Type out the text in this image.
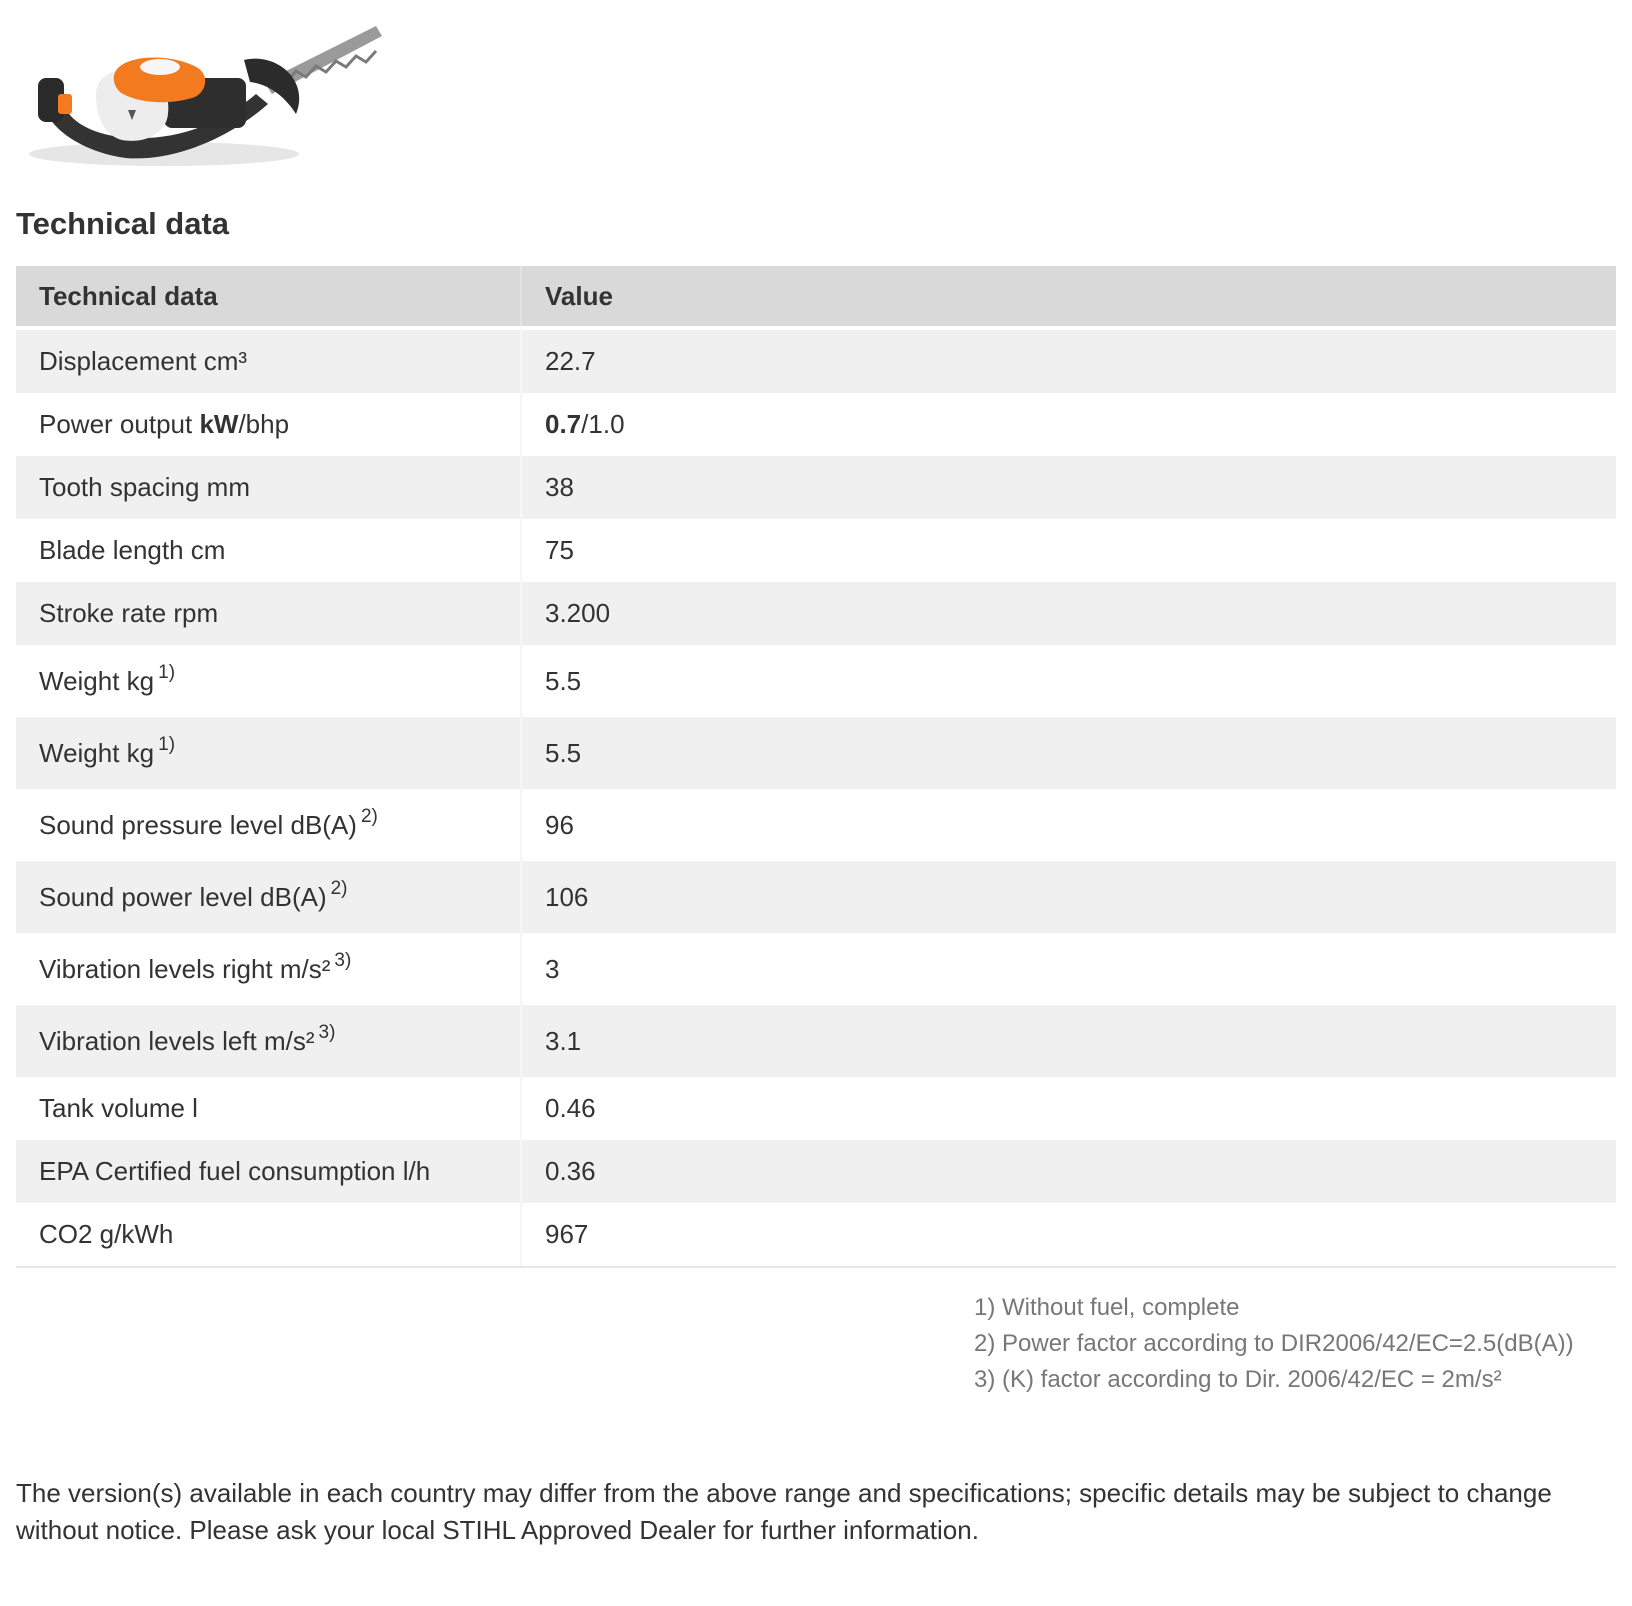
Technical data
Technical data	Value
Displacement cm³	22.7
Power output kW/bhp	0.7/1.0
Tooth spacing mm	38
Blade length cm	75
Stroke rate rpm	3.200
Weight kg $^{1)}$	5.5
Weight kg $^{1)}$	5.5
Sound pressure level dB(A) $^{2)}$	96
Sound power level dB(A) $^{2)}$	106
Vibration levels right m/s² $^{3)}$	3
Vibration levels left m/s² $^{3)}$	3.1
Tank volume l	0.46
EPA Certified fuel consumption l/h	0.36
CO2 g/kWh	967
1) Without fuel, complete
2) Power factor according to DIR2006/42/EC=2.5(dB(A))
3) (K) factor according to Dir. 2006/42/EC = 2m/s²

The version(s) available in each country may differ from the above range and specifications; specific details may be subject to change without notice. Please ask your local STIHL Approved Dealer for further information.
